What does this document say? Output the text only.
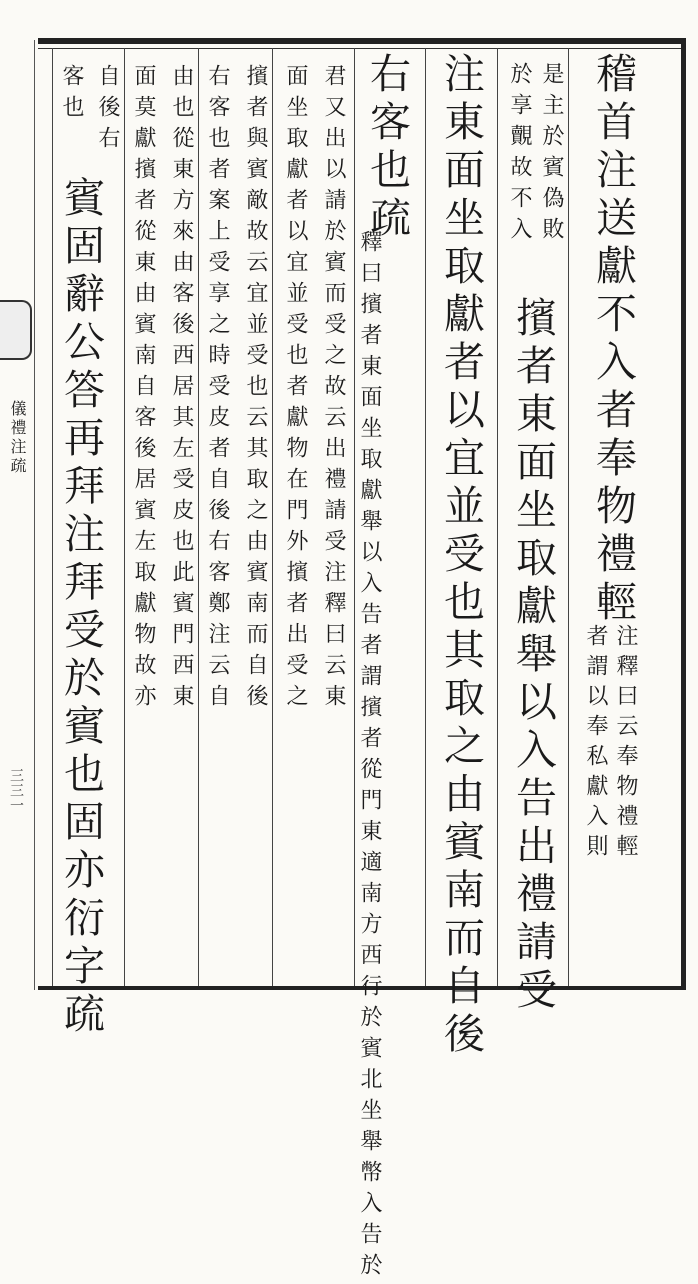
儀禮注疏
三三一
稽首注送獻不入者奉物禮輕
是主於賓偽敗
於享覿故不入
注釋曰云奉物禮輕
者謂以奉私獻入則
擯者東面坐取獻舉以入告出禮請受
注東面坐取獻者以宜並受也其取之由賓南而自後
右客也疏
君又出以請於賓而受之故云出禮請受注釋曰云東 釋曰擯者東面坐取獻舉以入告者謂擯者從門東適南方西行於賓北坐舉幣入告於
擯者與賓敵故云宜並受也云其取之由賓南而自後 面坐取獻者以宜並受也者獻物在門外擯者出受之
由也從東方來由客後西居其左受皮也此賓門西東 右客也者案上受享之時受皮者自後右客鄭注云自
自後右 面莫獻擯者從東由賓南自客後居賓左取獻物故亦
客也
賓固辭公答再拜注拜受於賓也固亦衍字疏
